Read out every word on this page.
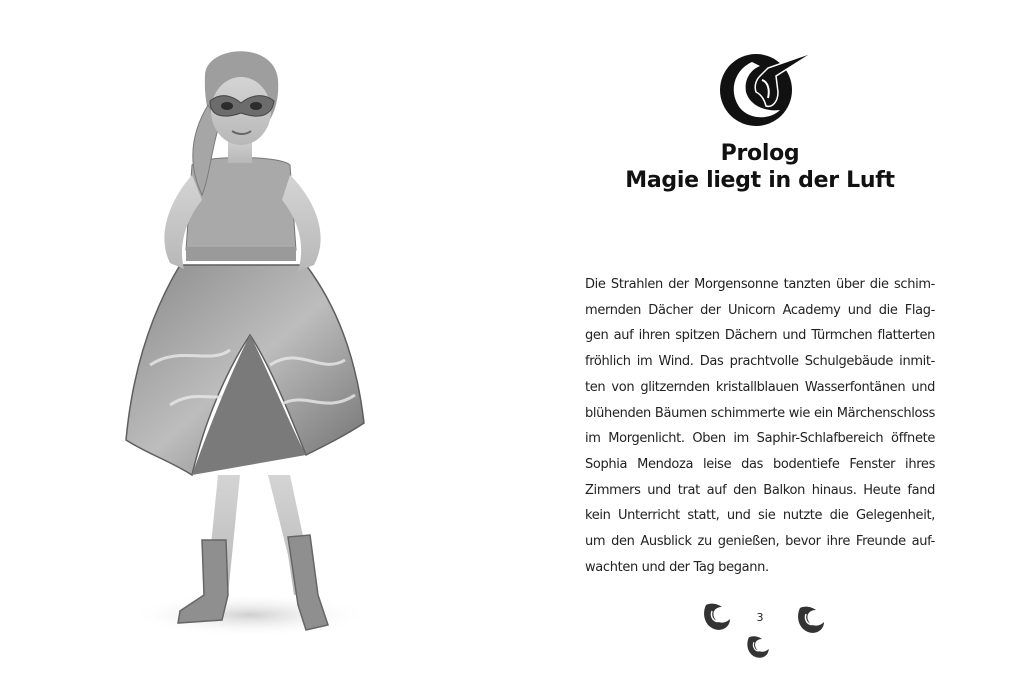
Prolog
Magie liegt in der Luft
Die Strahlen der Morgensonne tanzten über die schim-
mernden Dächer der Unicorn Academy und die Flag-
gen auf ihren spitzen Dächern und Türmchen flatterten
fröhlich im Wind. Das prachtvolle Schulgebäude inmit-
ten von glitzernden kristallblauen Wasserfontänen und
blühenden Bäumen schimmerte wie ein Märchenschloss
im Morgenlicht. Oben im Saphir-Schlafbereich öffnete
Sophia Mendoza leise das bodentiefe Fenster ihres
Zimmers und trat auf den Balkon hinaus. Heute fand
kein Unterricht statt, und sie nutzte die Gelegenheit,
um den Ausblick zu genießen, bevor ihre Freunde auf-
wachten und der Tag begann.
3
